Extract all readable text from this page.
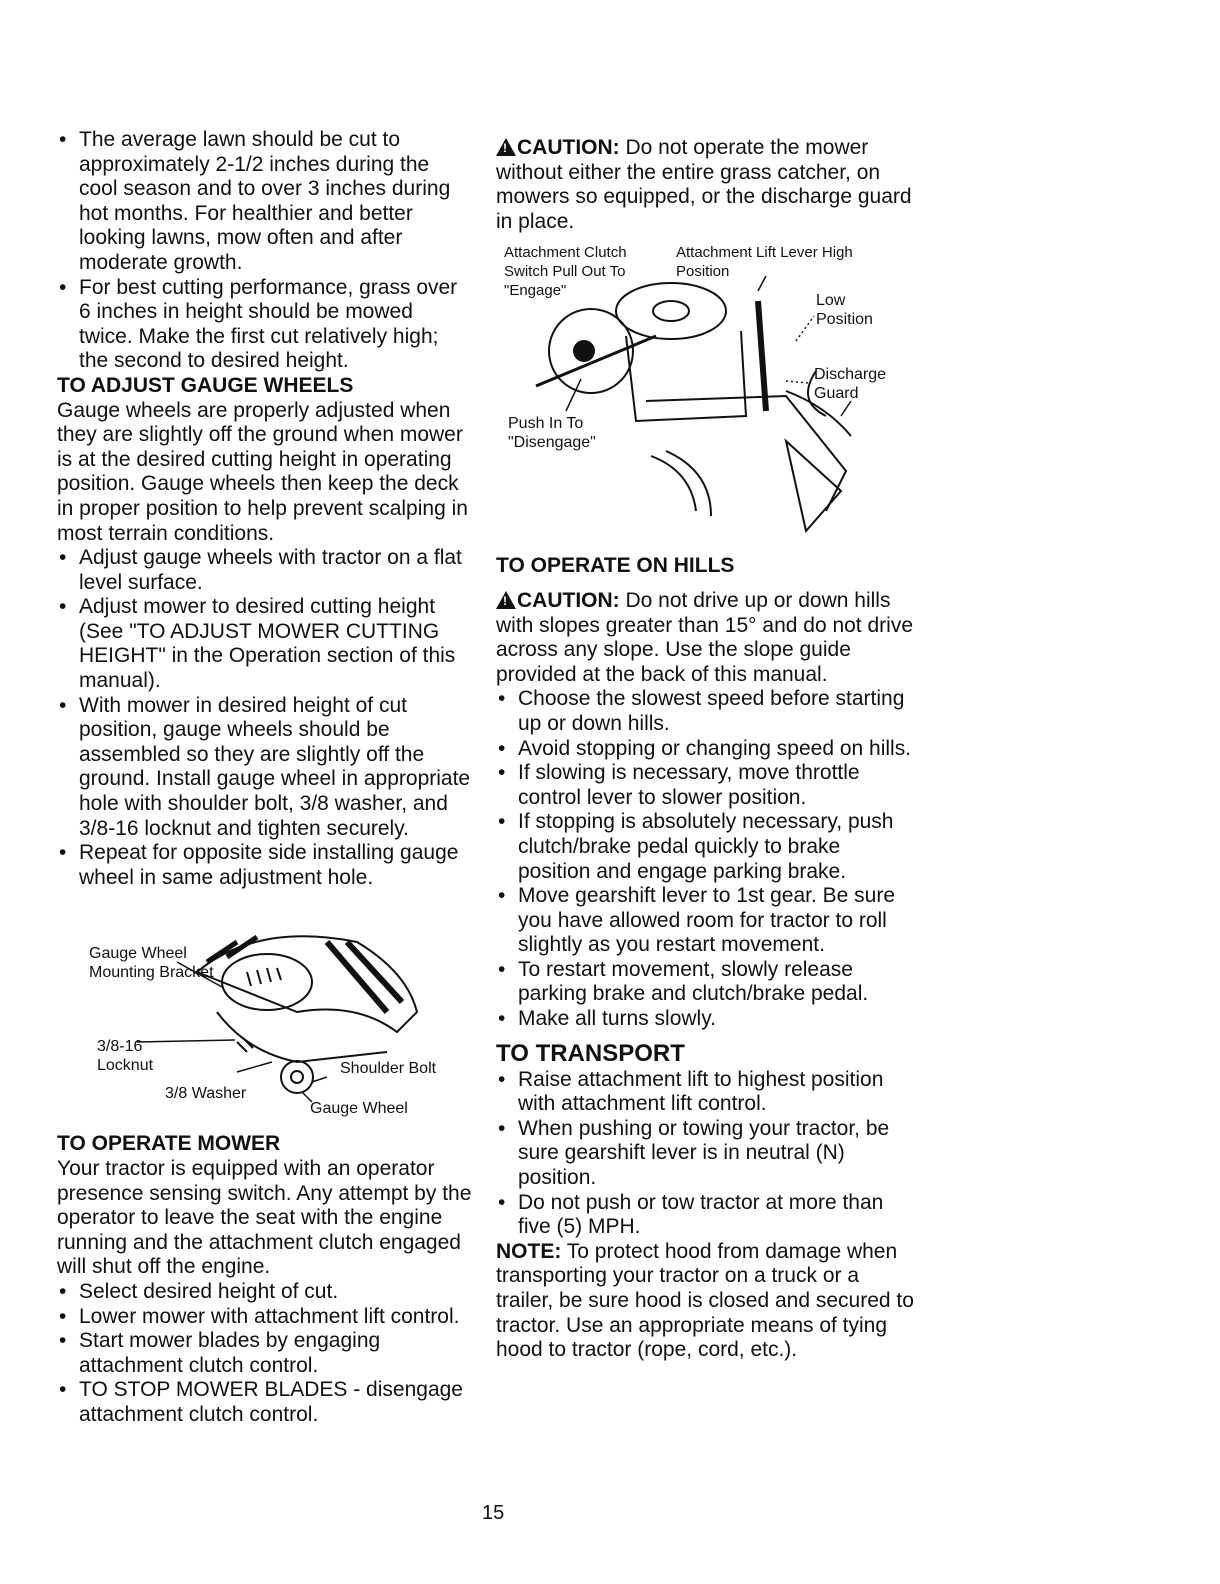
• The average lawn should be cut to approximately 2-1/2 inches during the cool season and to over 3 inches during hot months. For healthier and better looking lawns, mow often and after moderate growth.

• For best cutting performance, grass over 6 inches in height should be mowed twice. Make the first cut relatively high; the second to desired height.

TO ADJUST GAUGE WHEELS

Gauge wheels are properly adjusted when they are slightly off the ground when mower is at the desired cutting height in operating position. Gauge wheels then keep the deck in proper position to help prevent scalping in most terrain conditions.

• Adjust gauge wheels with tractor on a flat level surface.

• Adjust mower to desired cutting height (See "TO ADJUST MOWER CUTTING HEIGHT" in the Operation section of this manual).

• With mower in desired height of cut position, gauge wheels should be assembled so they are slightly off the ground. Install gauge wheel in appropriate hole with shoulder bolt, 3/8 washer, and 3/8-16 locknut and tighten securely.

• Repeat for opposite side installing gauge wheel in same adjustment hole.

Gauge Wheel Mounting Bracket
3/8-16 Locknut
3/8 Washer
Shoulder Bolt
Gauge Wheel

TO OPERATE MOWER

Your tractor is equipped with an operator presence sensing switch. Any attempt by the operator to leave the seat with the engine running and the attachment clutch engaged will shut off the engine.

• Select desired height of cut.

• Lower mower with attachment lift control.

• Start mower blades by engaging attachment clutch control.

• TO STOP MOWER BLADES - disengage attachment clutch control.

!CAUTION: Do not operate the mower without either the entire grass catcher, on mowers so equipped, or the discharge guard in place.

Attachment Clutch Switch Pull Out To "Engage"
Attachment Lift Lever High Position
Low Position
Discharge Guard
Push In To "Disengage"

TO OPERATE ON HILLS

!CAUTION: Do not drive up or down hills with slopes greater than 15° and do not drive across any slope. Use the slope guide provided at the back of this manual.

• Choose the slowest speed before starting up or down hills.

• Avoid stopping or changing speed on hills.

• If slowing is necessary, move throttle control lever to slower position.

• If stopping is absolutely necessary, push clutch/brake pedal quickly to brake position and engage parking brake.

• Move gearshift lever to 1st gear. Be sure you have allowed room for tractor to roll slightly as you restart movement.

• To restart movement, slowly release parking brake and clutch/brake pedal.

• Make all turns slowly.

TO TRANSPORT

• Raise attachment lift to highest position with attachment lift control.

• When pushing or towing your tractor, be sure gearshift lever is in neutral (N) position.

• Do not push or tow tractor at more than five (5) MPH.

NOTE: To protect hood from damage when transporting your tractor on a truck or a trailer, be sure hood is closed and secured to tractor. Use an appropriate means of tying hood to tractor (rope, cord, etc.).

15
